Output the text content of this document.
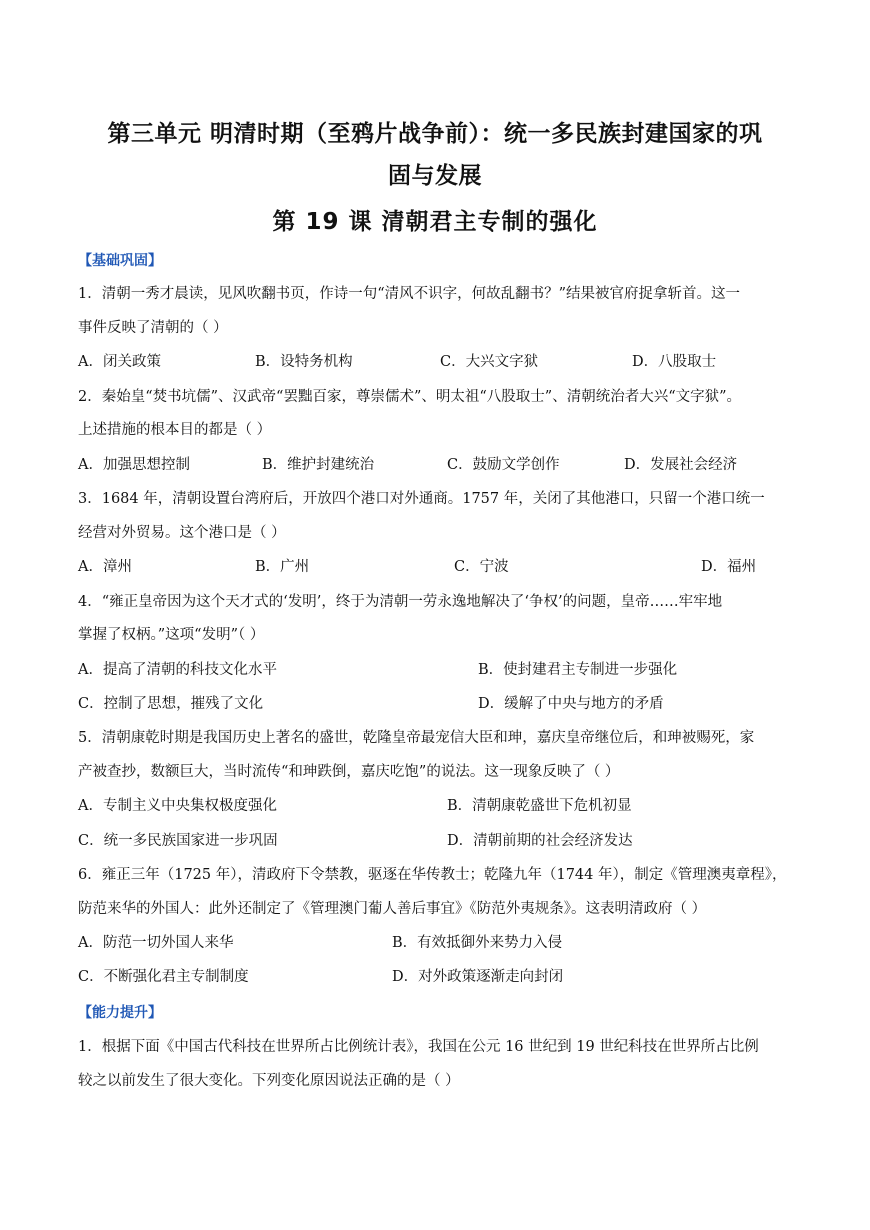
第三单元 明清时期（至鸦片战争前）：统一多民族封建国家的巩
固与发展
第 19 课 清朝君主专制的强化
【基础巩固】
1．清朝一秀才晨读，见风吹翻书页，作诗一句“清风不识字，何故乱翻书？”结果被官府捉拿斩首。这一
事件反映了清朝的（ ）
A．闭关政策	B．设特务机构	C．大兴文字狱	D．八股取士
2．秦始皇“焚书坑儒”、汉武帝“罢黜百家，尊崇儒术”、明太祖“八股取士”、清朝统治者大兴“文字狱”。
上述措施的根本目的都是（ ）
A．加强思想控制	B．维护封建统治	C．鼓励文学创作	D．发展社会经济
3．1684 年，清朝设置台湾府后，开放四个港口对外通商。1757 年，关闭了其他港口，只留一个港口统一
经营对外贸易。这个港口是（ ）
A．漳州	B．广州	C．宁波	D．福州
4．“雍正皇帝因为这个天才式的‘发明’，终于为清朝一劳永逸地解决了‘争权’的问题，皇帝……牢牢地
掌握了权柄。”这项“发明”（ ）
A．提高了清朝的科技文化水平	B．使封建君主专制进一步强化
C．控制了思想，摧残了文化	D．缓解了中央与地方的矛盾
5．清朝康乾时期是我国历史上著名的盛世，乾隆皇帝最宠信大臣和珅，嘉庆皇帝继位后，和珅被赐死，家
产被查抄，数额巨大，当时流传“和珅跌倒，嘉庆吃饱”的说法。这一现象反映了（ ）
A．专制主义中央集权极度强化	B．清朝康乾盛世下危机初显
C．统一多民族国家进一步巩固	D．清朝前期的社会经济发达
6．雍正三年（1725 年），清政府下令禁教，驱逐在华传教士；乾隆九年（1744 年），制定《管理澳夷章程》，
防范来华的外国人：此外还制定了《管理澳门葡人善后事宜》《防范外夷规条》。这表明清政府（ ）
A．防范一切外国人来华	B．有效抵御外来势力入侵
C．不断强化君主专制制度	D．对外政策逐渐走向封闭
【能力提升】
1．根据下面《中国古代科技在世界所占比例统计表》，我国在公元 16 世纪到 19 世纪科技在世界所占比例
较之以前发生了很大变化。下列变化原因说法正确的是（ ）
